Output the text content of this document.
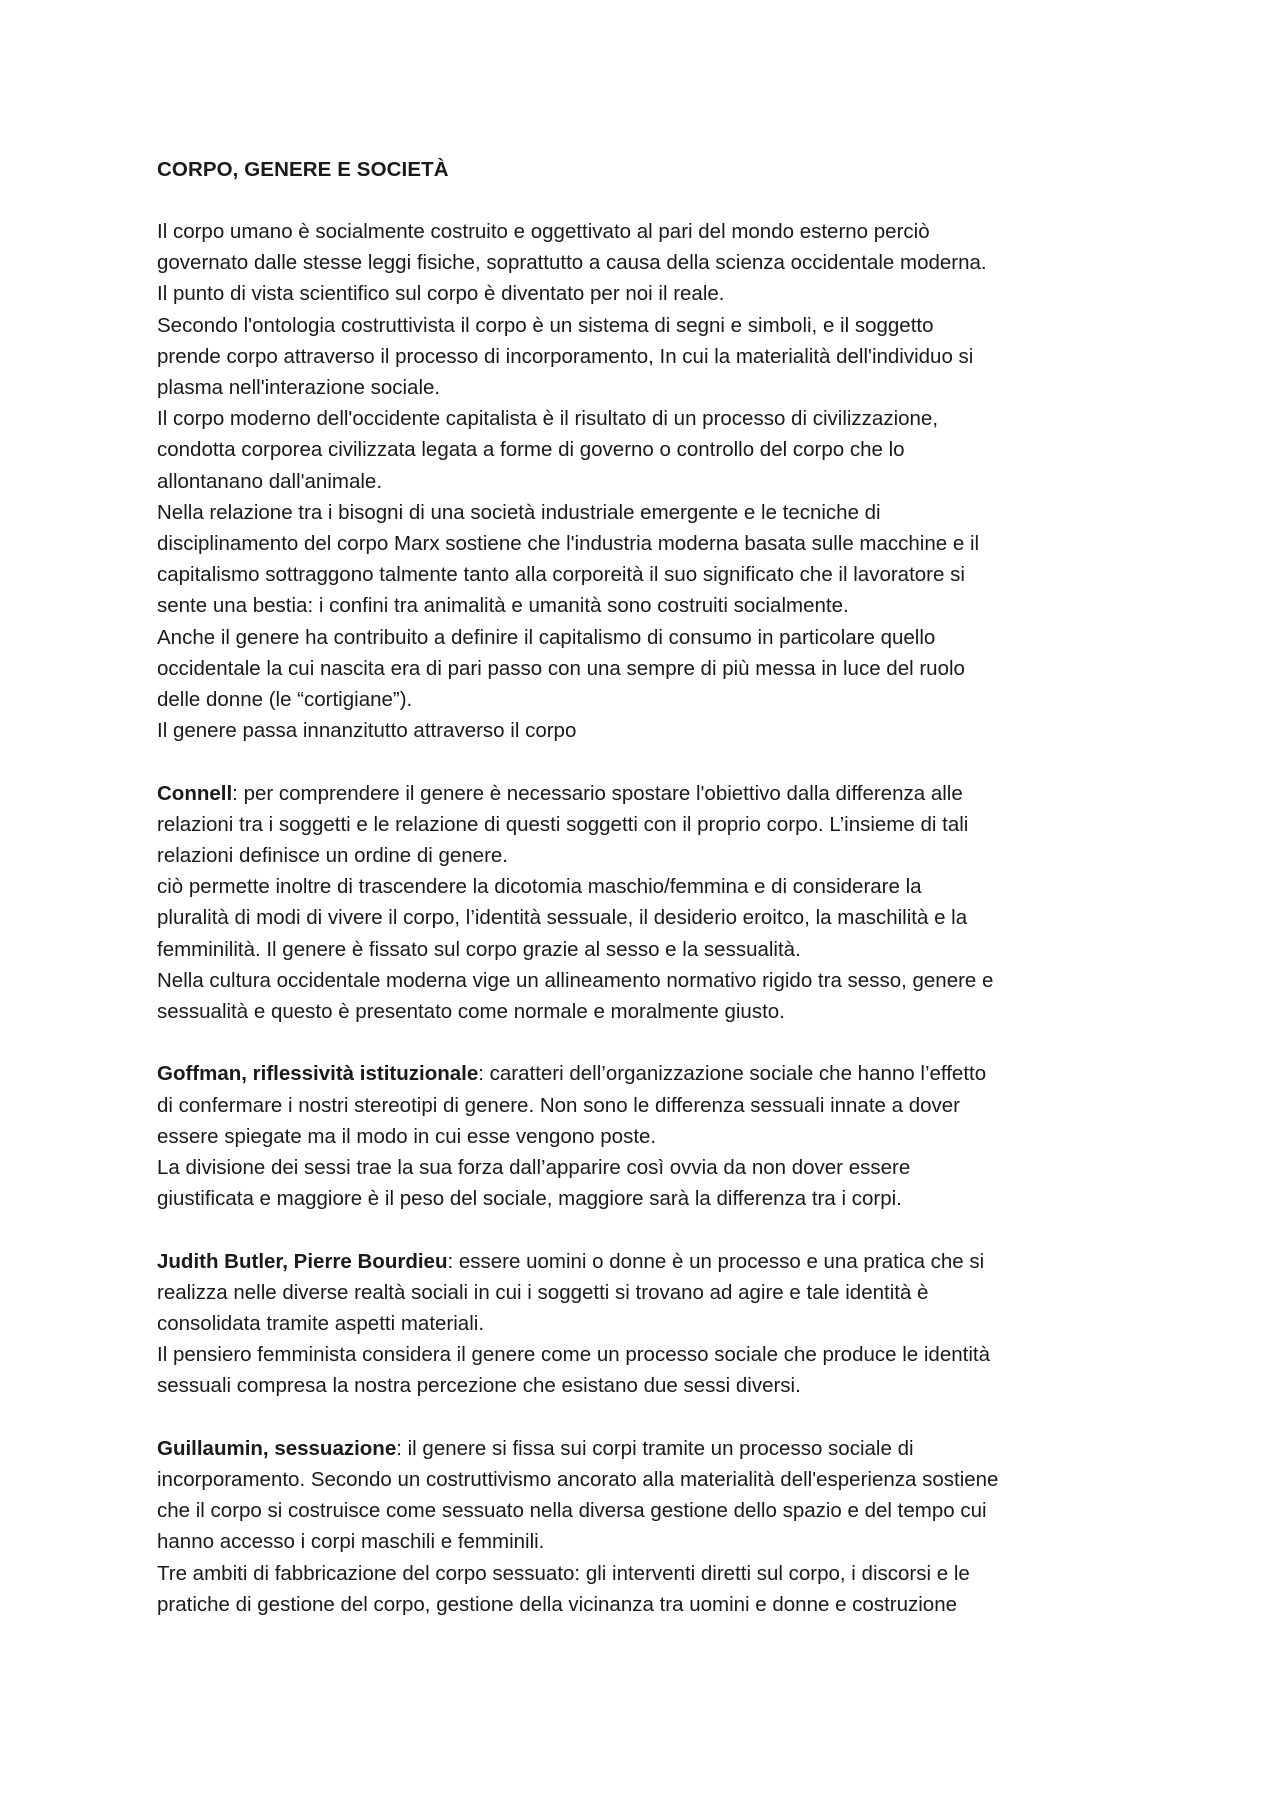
CORPO, GENERE E SOCIETÀ
Il corpo umano è socialmente costruito e oggettivato al pari del mondo esterno perciò
governato dalle stesse leggi fisiche, soprattutto a causa della scienza occidentale moderna.
Il punto di vista scientifico sul corpo è diventato per noi il reale.
Secondo l'ontologia costruttivista il corpo è un sistema di segni e simboli, e il soggetto
prende corpo attraverso il processo di incorporamento, In cui la materialità dell'individuo si
plasma nell'interazione sociale.
Il corpo moderno dell'occidente capitalista è il risultato di un processo di civilizzazione,
condotta corporea civilizzata legata a forme di governo o controllo del corpo che lo
allontanano dall'animale.
Nella relazione tra i bisogni di una società industriale emergente e le tecniche di
disciplinamento del corpo Marx sostiene che l'industria moderna basata sulle macchine e il
capitalismo sottraggono talmente tanto alla corporeità il suo significato che il lavoratore si
sente una bestia: i confini tra animalità e umanità sono costruiti socialmente.
Anche il genere ha contribuito a definire il capitalismo di consumo in particolare quello
occidentale la cui nascita era di pari passo con una sempre di più messa in luce del ruolo
delle donne (le “cortigiane”).
Il genere passa innanzitutto attraverso il corpo
Connell: per comprendere il genere è necessario spostare l'obiettivo dalla differenza alle
relazioni tra i soggetti e le relazione di questi soggetti con il proprio corpo. L’insieme di tali
relazioni definisce un ordine di genere.
ciò permette inoltre di trascendere la dicotomia maschio/femmina e di considerare la
pluralità di modi di vivere il corpo, l’identità sessuale, il desiderio eroitco, la maschilità e la
femminilità. Il genere è fissato sul corpo grazie al sesso e la sessualità.
Nella cultura occidentale moderna vige un allineamento normativo rigido tra sesso, genere e
sessualità e questo è presentato come normale e moralmente giusto.
Goffman, riflessività istituzionale: caratteri dell’organizzazione sociale che hanno l’effetto
di confermare i nostri stereotipi di genere. Non sono le differenza sessuali innate a dover
essere spiegate ma il modo in cui esse vengono poste.
La divisione dei sessi trae la sua forza dall’apparire così ovvia da non dover essere
giustificata e maggiore è il peso del sociale, maggiore sarà la differenza tra i corpi.
Judith Butler, Pierre Bourdieu: essere uomini o donne è un processo e una pratica che si
realizza nelle diverse realtà sociali in cui i soggetti si trovano ad agire e tale identità è
consolidata tramite aspetti materiali.
Il pensiero femminista considera il genere come un processo sociale che produce le identità
sessuali compresa la nostra percezione che esistano due sessi diversi.
Guillaumin, sessuazione: il genere si fissa sui corpi tramite un processo sociale di
incorporamento. Secondo un costruttivismo ancorato alla materialità dell'esperienza sostiene
che il corpo si costruisce come sessuato nella diversa gestione dello spazio e del tempo cui
hanno accesso i corpi maschili e femminili.
Tre ambiti di fabbricazione del corpo sessuato: gli interventi diretti sul corpo, i discorsi e le
pratiche di gestione del corpo, gestione della vicinanza tra uomini e donne e costruzione
